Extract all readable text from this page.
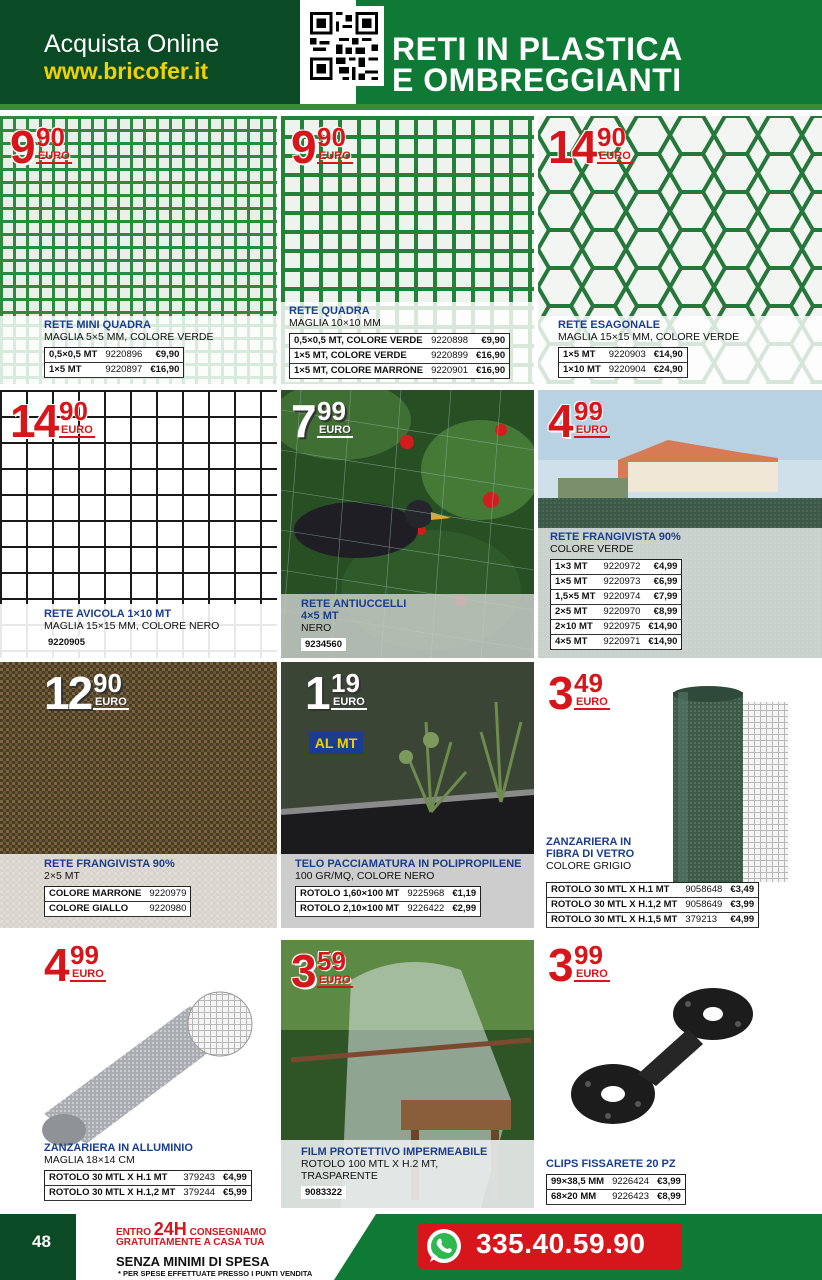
Acquista Online
www.bricofer.it
RETI IN PLASTICA
E OMBREGGIANTI
9 90
EURO
RETE MINI QUADRA
MAGLIA 5×5 MM, COLORE VERDE
0,5×0,5 MT	9220896	€9,90
1×5 MT	9220897	€16,90
9 90
EURO
RETE QUADRA
MAGLIA 10×10 MM
0,5×0,5 MT, COLORE VERDE	9220898	€9,90
1×5 MT, COLORE VERDE	9220899	€16,90
1×5 MT, COLORE MARRONE	9220901	€16,90
14 90
EURO
RETE ESAGONALE
MAGLIA 15×15 MM, COLORE VERDE
1×5 MT	9220903	€14,90
1×10 MT	9220904	€24,90
14 90
EURO
RETE AVICOLA 1×10 MT
MAGLIA 15×15 MM, COLORE NERO
9220905
7 99
EURO
RETE ANTIUCCELLI
4×5 MT
NERO
9234560
4 99
EURO
RETE FRANGIVISTA 90%
COLORE VERDE
1×3 MT	9220972	€4,99
1×5 MT	9220973	€6,99
1,5×5 MT	9220974	€7,99
2×5 MT	9220970	€8,99
2×10 MT	9220975	€14,90
4×5 MT	9220971	€14,90
12 90
EURO
RETE FRANGIVISTA 90%
2×5 MT
COLORE MARRONE	9220979
COLORE GIALLO	9220980
1 19
EURO
AL MT
TELO PACCIAMATURA IN POLIPROPILENE
100 GR/MQ, COLORE NERO
ROTOLO 1,60×100 MT	9225968	€1,19
ROTOLO 2,10×100 MT	9226422	€2,99
3 49
EURO
ZANZARIERA IN
FIBRA DI VETRO
COLORE GRIGIO
ROTOLO 30 MTL X H.1 MT	9058648	€3,49
ROTOLO 30 MTL X H.1,2 MT	9058649	€3,99
ROTOLO 30 MTL X H.1,5 MT	379213	€4,99
4 99
EURO
ZANZARIERA IN ALLUMINIO
MAGLIA 18×14 CM
ROTOLO 30 MTL X H.1 MT	379243	€4,99
ROTOLO 30 MTL X H.1,2 MT	379244	€5,99
3 59
EURO
FILM PROTETTIVO IMPERMEABILE
ROTOLO 100 MTL X H.2 MT,
TRASPARENTE
9083322
3 99
EURO
CLIPS FISSARETE 20 PZ
99×38,5 MM	9226424	€3,99
68×20 MM	9226423	€8,99
48	ENTRO 24H CONSEGNIAMO
GRATUITAMENTE A CASA TUA
SENZA MINIMI DI SPESA
* PER SPESE EFFETTUATE PRESSO I PUNTI VENDITA
335.40.59.90
